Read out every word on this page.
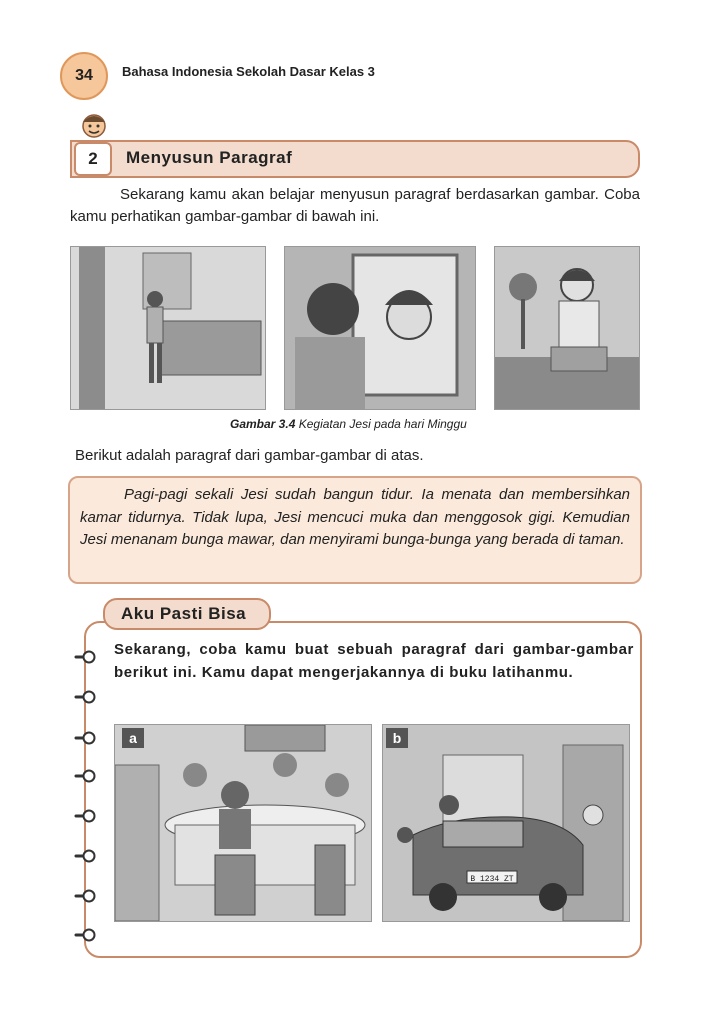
34 Bahasa Indonesia Sekolah Dasar Kelas 3
2	Menyusun Paragraf

Sekarang kamu akan belajar menyusun paragraf berdasarkan gambar. Coba kamu perhatikan gambar-gambar di bawah ini.

Gambar 3.4 Kegiatan Jesi pada hari Minggu
Berikut adalah paragraf dari gambar-gambar di atas.

Pagi-pagi sekali Jesi sudah bangun tidur. Ia menata dan membersihkan kamar tidurnya. Tidak lupa, Jesi mencuci muka dan menggosok gigi. Kemudian Jesi menanam bunga mawar, dan menyirami bunga-bunga yang berada di taman.

Aku Pasti Bisa

Sekarang, coba kamu buat sebuah paragraf dari gambar-gambar berikut ini. Kamu dapat mengerjakannya di buku latihanmu.

a
B 1234 ZT
b
